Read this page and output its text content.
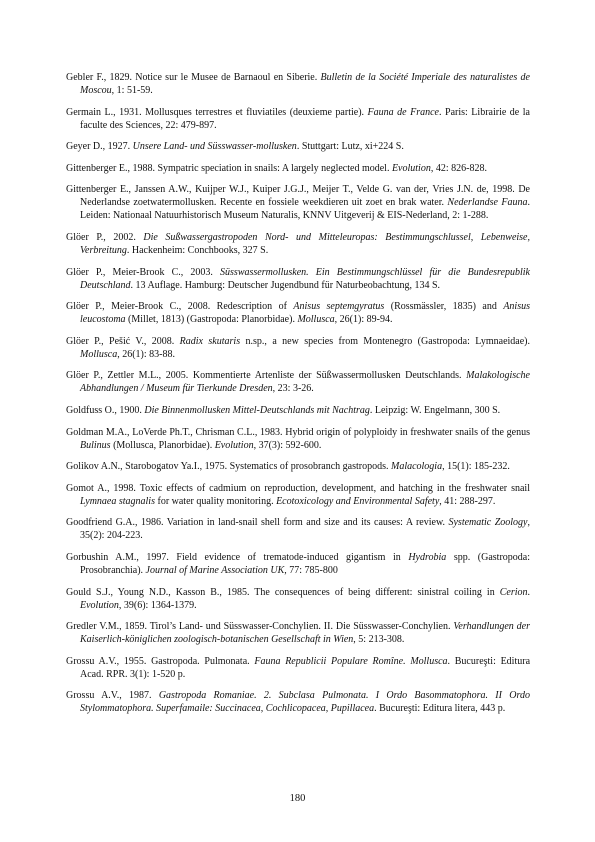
Gebler F., 1829. Notice sur le Musee de Barnaoul en Siberie. Bulletin de la Société Imperiale des naturalistes de Moscou, 1: 51-59.

Germain L., 1931. Mollusques terrestres et fluviatiles (deuxieme partie). Fauna de France. Paris: Librairie de la faculte des Sciences, 22: 479-897.

Geyer D., 1927. Unsere Land- und Süsswasser-mollusken. Stuttgart: Lutz, xi+224 S.

Gittenberger E., 1988. Sympatric speciation in snails: A largely neglected model. Evolution, 42: 826-828.

Gittenberger E., Janssen A.W., Kuijper W.J., Kuiper J.G.J., Meijer T., Velde G. van der, Vries J.N. de, 1998. De Nederlandse zoetwatermollusken. Recente en fossiele weekdieren uit zoet en brak water. Nederlandse Fauna. Leiden: Nationaal Natuurhistorisch Museum Naturalis, KNNV Uitgeverij & EIS-Nederland, 2: 1-288.

Glöer P., 2002. Die Sußwassergastropoden Nord- und Mitteleuropas: Bestimmungschlussel, Lebenweise, Verbreitung. Hackenheim: Conchbooks, 327 S.

Glöer P., Meier-Brook C., 2003. Süsswassermollusken. Ein Bestimmungschlüssel für die Bundesrepublik Deutschland. 13 Auflage. Hamburg: Deutscher Jugendbund für Naturbeobachtung, 134 S.

Glöer P., Meier-Brook C., 2008. Redescription of Anisus septemgyratus (Rossmässler, 1835) and Anisus leucostoma (Millet, 1813) (Gastropoda: Planorbidae). Mollusca, 26(1): 89-94.

Glöer P., Pešić V., 2008. Radix skutaris n.sp., a new species from Montenegro (Gastropoda: Lymnaeidae). Mollusca, 26(1): 83-88.

Glöer P., Zettler M.L., 2005. Kommentierte Artenliste der Süßwassermollusken Deutschlands. Malakologische Abhandlungen / Museum für Tierkunde Dresden, 23: 3-26.

Goldfuss O., 1900. Die Binnenmollusken Mittel-Deutschlands mit Nachtrag. Leipzig: W. Engelmann, 300 S.

Goldman M.A., LoVerde Ph.T., Chrisman C.L., 1983. Hybrid origin of polyploidy in freshwater snails of the genus Bulinus (Mollusca, Planorbidae). Evolution, 37(3): 592-600.

Golikov A.N., Starobogatov Ya.I., 1975. Systematics of prosobranch gastropods. Malacologia, 15(1): 185-232.

Gomot A., 1998. Toxic effects of cadmium on reproduction, development, and hatching in the freshwater snail Lymnaea stagnalis for water quality monitoring. Ecotoxicology and Environmental Safety, 41: 288-297.

Goodfriend G.A., 1986. Variation in land-snail shell form and size and its causes: A review. Systematic Zoology, 35(2): 204-223.

Gorbushin A.M., 1997. Field evidence of trematode-induced gigantism in Hydrobia spp. (Gastropoda: Prosobranchia). Journal of Marine Association UK, 77: 785-800

Gould S.J., Young N.D., Kasson B., 1985. The consequences of being different: sinistral coiling in Cerion. Evolution, 39(6): 1364-1379.

Gredler V.M., 1859. Tirol’s Land- und Süsswasser-Conchylien. II. Die Süsswasser-Conchylien. Verhandlungen der Kaiserlich-königlichen zoologisch-botanischen Gesellschaft in Wien, 5: 213-308.

Grossu A.V., 1955. Gastropoda. Pulmonata. Fauna Republicii Populare Romîne. Mollusca. Bucureşti: Editura Acad. RPR. 3(1): 1-520 p.

Grossu A.V., 1987. Gastropoda Romaniae. 2. Subclasa Pulmonata. I Ordo Basommatophora. II Ordo Stylommatophora. Superfamaile: Succinacea, Cochlicopacea, Pupillacea. Bucureşti: Editura litera, 443 p.

180
